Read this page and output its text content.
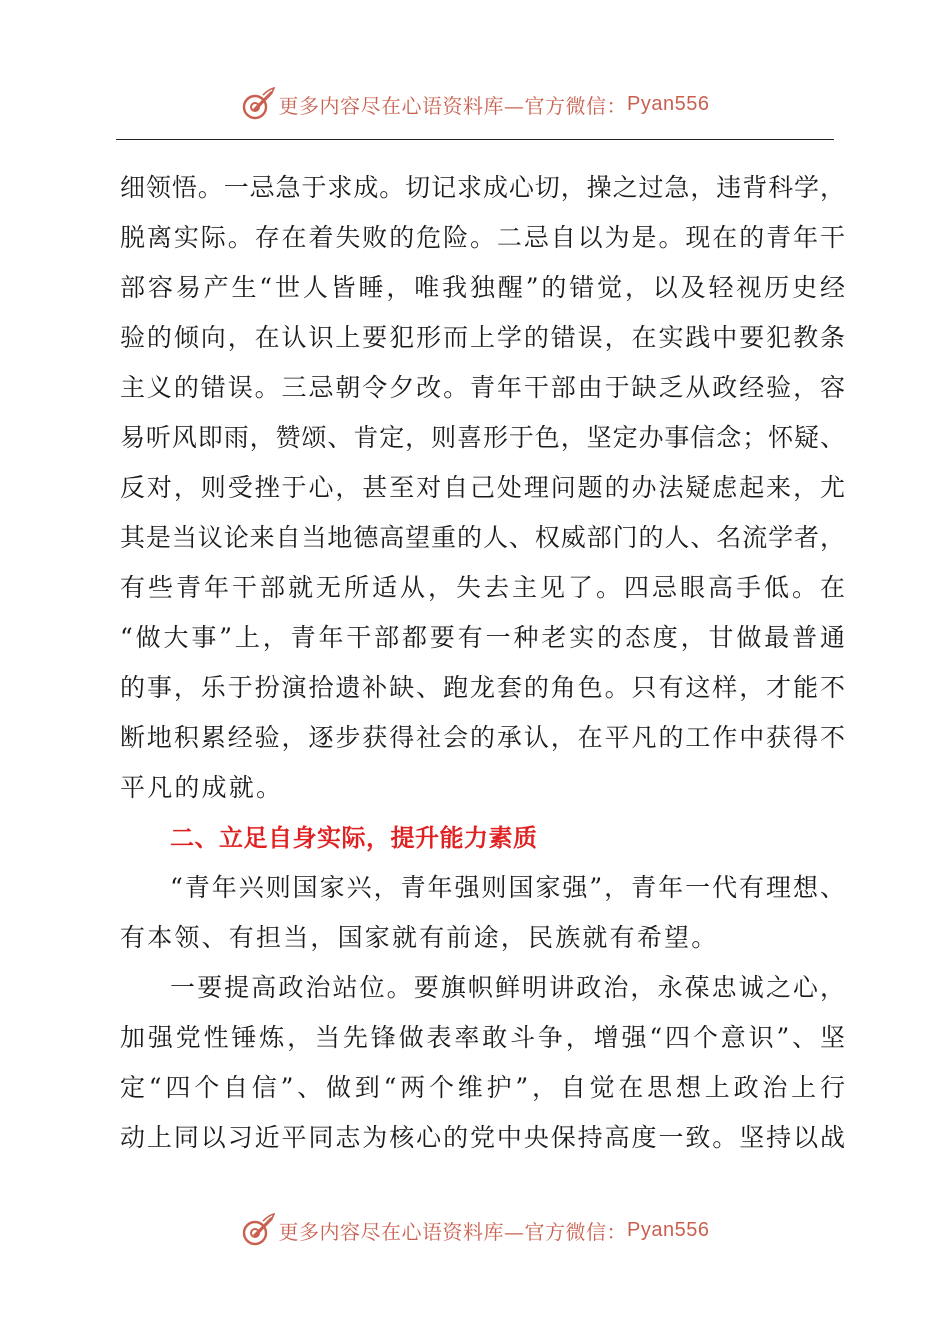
更多内容尽在心语资料库—官方微信： Pyan556
细领悟。一忌急于求成。切记求成心切，操之过急，违背科学，
脱离实际。存在着失败的危险。二忌自以为是。现在的青年干
部容易产生“世人皆睡，唯我独醒”的错觉，以及轻视历史经
验的倾向，在认识上要犯形而上学的错误，在实践中要犯教条
主义的错误。三忌朝令夕改。青年干部由于缺乏从政经验，容
易听风即雨，赞颂、肯定，则喜形于色，坚定办事信念；怀疑、
反对，则受挫于心，甚至对自己处理问题的办法疑虑起来，尤
其是当议论来自当地德高望重的人、权威部门的人、名流学者，
有些青年干部就无所适从，失去主见了。四忌眼高手低。在
“做大事”上，青年干部都要有一种老实的态度，甘做最普通
的事，乐于扮演拾遗补缺、跑龙套的角色。只有这样，才能不
断地积累经验，逐步获得社会的承认，在平凡的工作中获得不
平凡的成就。
二、立足自身实际，提升能力素质
“青年兴则国家兴，青年强则国家强”，青年一代有理想、
有本领、有担当，国家就有前途，民族就有希望。
一要提高政治站位。要旗帜鲜明讲政治，永葆忠诚之心，
加强党性锤炼，当先锋做表率敢斗争，增强“四个意识”、坚
定“四个自信”、做到“两个维护”，自觉在思想上政治上行
动上同以习近平同志为核心的党中央保持高度一致。坚持以战
更多内容尽在心语资料库—官方微信： Pyan556
